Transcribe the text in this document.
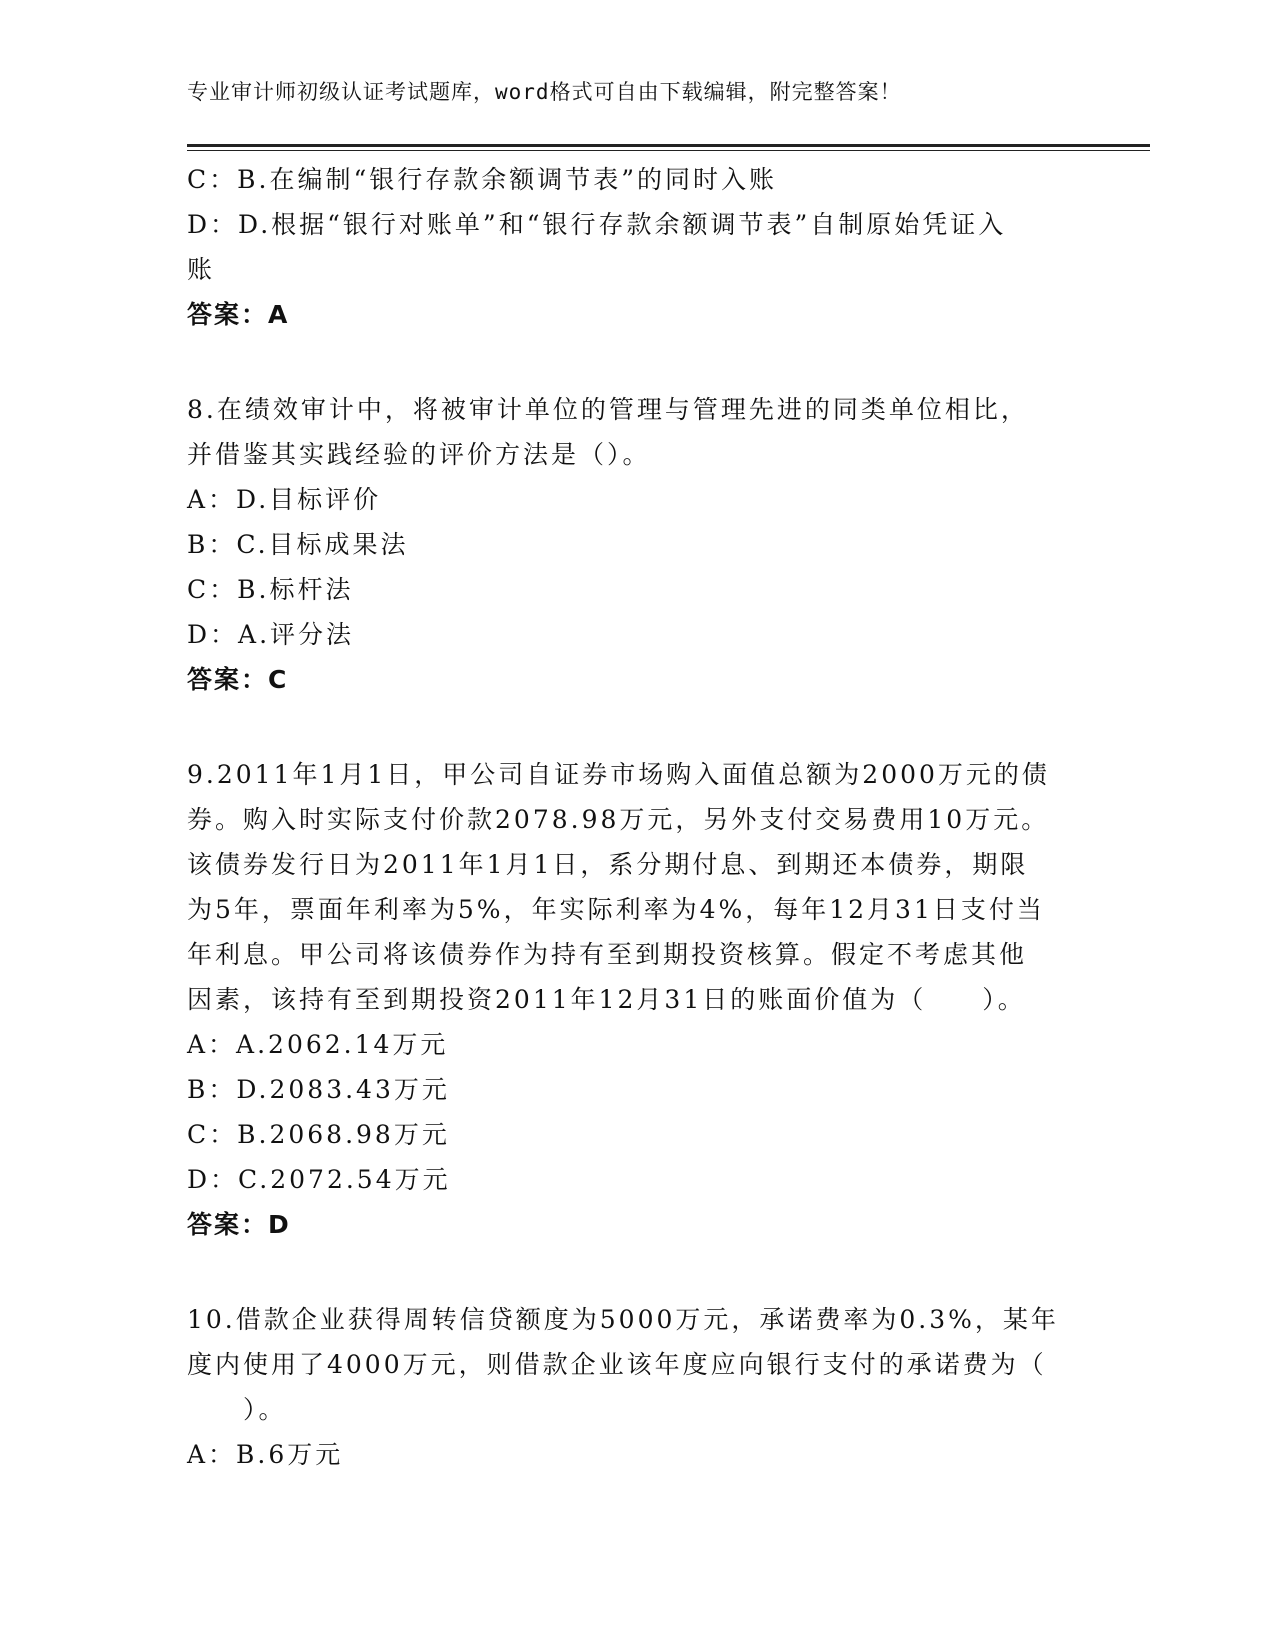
专业审计师初级认证考试题库，word格式可自由下载编辑，附完整答案！
C：B.在编制“银行存款余额调节表”的同时入账
D：D.根据“银行对账单”和“银行存款余额调节表”自制原始凭证入
账
答案：A
8.在绩效审计中，将被审计单位的管理与管理先进的同类单位相比，
并借鉴其实践经验的评价方法是（）。
A：D.目标评价
B：C.目标成果法
C：B.标杆法
D：A.评分法
答案：C
9.2011年1月1日，甲公司自证券市场购入面值总额为2000万元的债
券。购入时实际支付价款2078.98万元，另外支付交易费用10万元。
该债券发行日为2011年1月1日，系分期付息、到期还本债券，期限
为5年，票面年利率为5%，年实际利率为4%，每年12月31日支付当
年利息。甲公司将该债券作为持有至到期投资核算。假定不考虑其他
因素，该持有至到期投资2011年12月31日的账面价值为（　　）。
A：A.2062.14万元
B：D.2083.43万元
C：B.2068.98万元
D：C.2072.54万元
答案：D
10.借款企业获得周转信贷额度为5000万元，承诺费率为0.3%，某年
度内使用了4000万元，则借款企业该年度应向银行支付的承诺费为（
　　）。
A：B.6万元
